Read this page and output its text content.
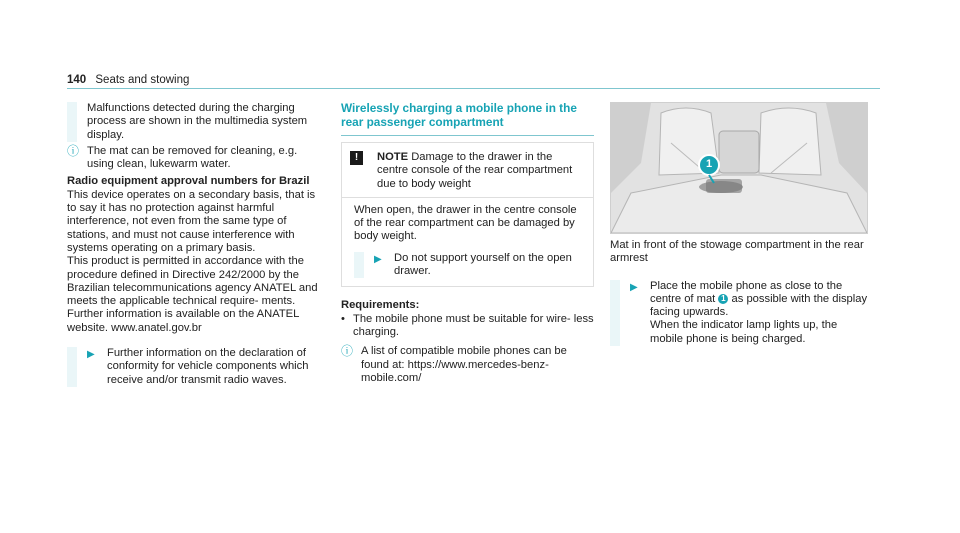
140 Seats and stowing

Malfunctions detected during the charging process are shown in the multimedia system display.

ⓘ The mat can be removed for cleaning, e.g. using clean, lukewarm water.
Radio equipment approval numbers for Brazil

This device operates on a secondary basis, that is to say it has no protection against harmful interference, not even from the same type of stations, and must not cause interference with systems operating on a primary basis.

This product is permitted in accordance with the procedure defined in Directive 242/2000 by the Brazilian telecommunications agency ANATEL and meets the applicable technical require- ments.

Further information is available on the ANATEL website. www.anatel.gov.br

▶	Further information on the declaration of conformity for vehicle components which receive and/or transmit radio waves.
Wirelessly charging a mobile phone in the rear passenger compartment
!	NOTE Damage to the drawer in the centre console of the rear compartment due to body weight

When open, the drawer in the centre console of the rear compartment can be damaged by body weight.

▶	Do not support yourself on the open drawer.
Requirements:
• The mobile phone must be suitable for wire- less charging.
ⓘ A list of compatible mobile phones can be found at: https://www.mercedes-benz-mobile.com/
1

Mat in front of the stowage compartment in the rear armrest

▶	Place the mobile phone as close to the centre of mat 1 as possible with the display facing upwards.
When the indicator lamp lights up, the mobile phone is being charged.
